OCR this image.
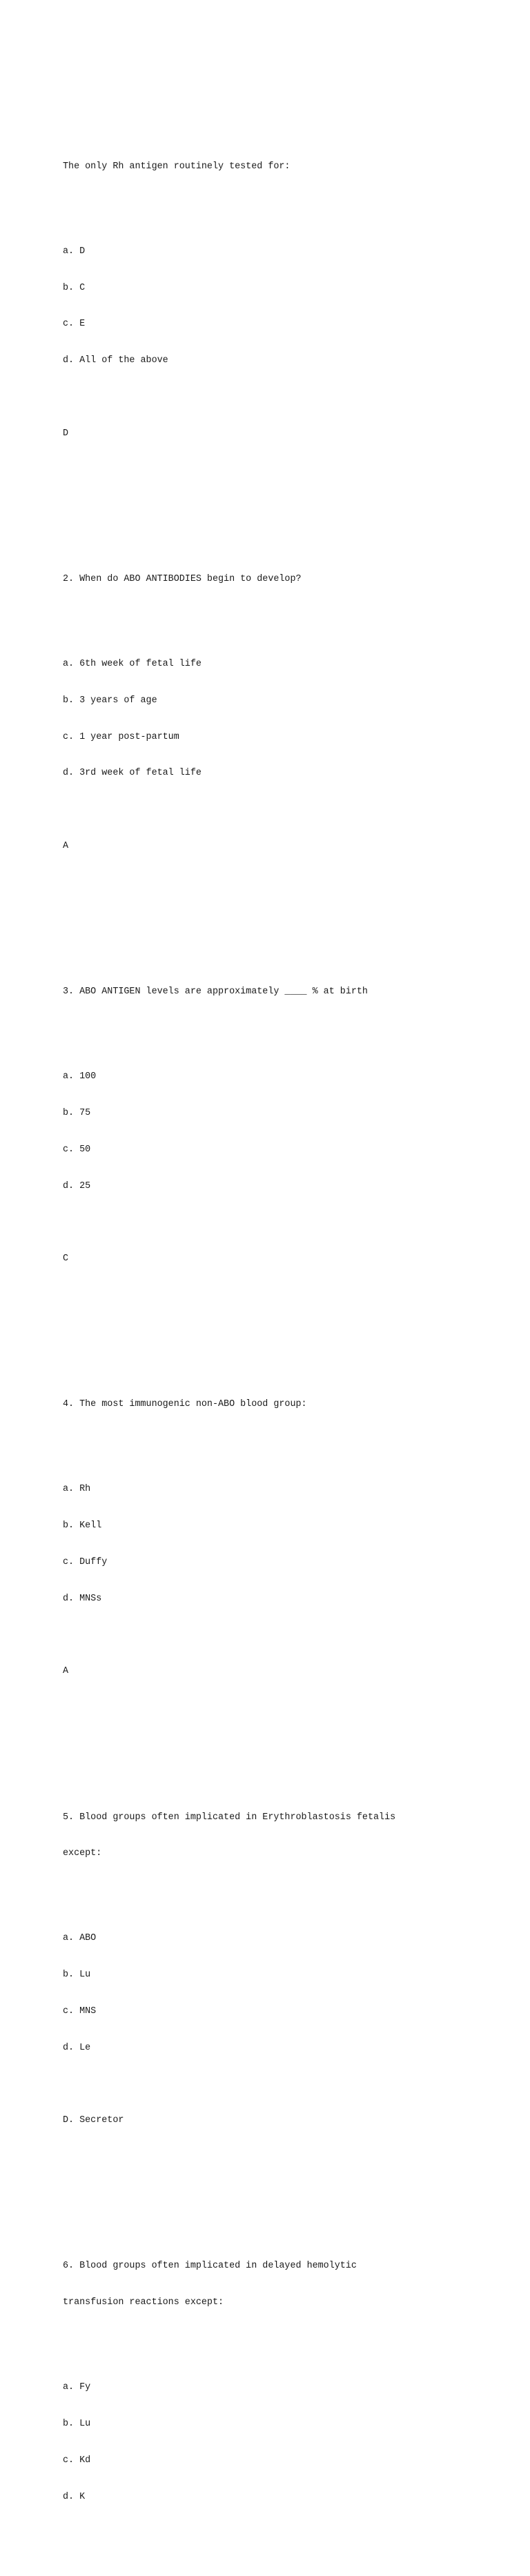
The only Rh antigen routinely tested for:

a. D

b. C

c. E

d. All of the above

D

2. When do ABO ANTIBODIES begin to develop?

a. 6th week of fetal life

b. 3 years of age

c. 1 year post-partum

d. 3rd week of fetal life

A

3. ABO ANTIGEN levels are approximately ____ % at birth

a. 100

b. 75

c. 50

d. 25

C

4. The most immunogenic non-ABO blood group:

a. Rh

b. Kell

c. Duffy

d. MNSs

A

5. Blood groups often implicated in Erythroblastosis fetalis

except:

a. ABO

b. Lu

c. MNS

d. Le

D. Secretor

6. Blood groups often implicated in delayed hemolytic

transfusion reactions except:

a. Fy

b. Lu

c. Kd

d. K
